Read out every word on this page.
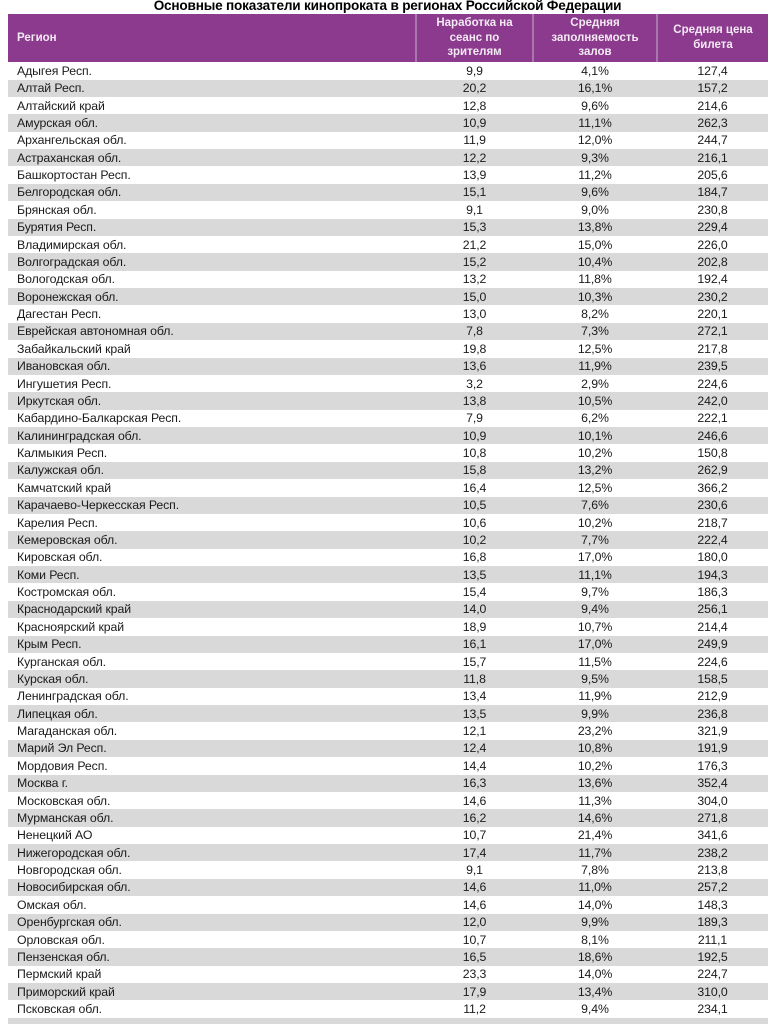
Основные показатели кинопроката в регионах Российской Федерации
Регион	Наработка на сеанс по зрителям	Средняя заполняемость залов	Средняя цена билета
Адыгея Респ.	9,9	4,1%	127,4
Алтай Респ.	20,2	16,1%	157,2
Алтайский край	12,8	9,6%	214,6
Амурская обл.	10,9	11,1%	262,3
Архангельская обл.	11,9	12,0%	244,7
Астраханская обл.	12,2	9,3%	216,1
Башкортостан Респ.	13,9	11,2%	205,6
Белгородская обл.	15,1	9,6%	184,7
Брянская обл.	9,1	9,0%	230,8
Бурятия Респ.	15,3	13,8%	229,4
Владимирская обл.	21,2	15,0%	226,0
Волгоградская обл.	15,2	10,4%	202,8
Вологодская обл.	13,2	11,8%	192,4
Воронежская обл.	15,0	10,3%	230,2
Дагестан Респ.	13,0	8,2%	220,1
Еврейская автономная обл.	7,8	7,3%	272,1
Забайкальский край	19,8	12,5%	217,8
Ивановская обл.	13,6	11,9%	239,5
Ингушетия Респ.	3,2	2,9%	224,6
Иркутская обл.	13,8	10,5%	242,0
Кабардино-Балкарская Респ.	7,9	6,2%	222,1
Калининградская обл.	10,9	10,1%	246,6
Калмыкия Респ.	10,8	10,2%	150,8
Калужская обл.	15,8	13,2%	262,9
Камчатский край	16,4	12,5%	366,2
Карачаево-Черкесская Респ.	10,5	7,6%	230,6
Карелия Респ.	10,6	10,2%	218,7
Кемеровская обл.	10,2	7,7%	222,4
Кировская обл.	16,8	17,0%	180,0
Коми Респ.	13,5	11,1%	194,3
Костромская обл.	15,4	9,7%	186,3
Краснодарский край	14,0	9,4%	256,1
Красноярский край	18,9	10,7%	214,4
Крым Респ.	16,1	17,0%	249,9
Курганская обл.	15,7	11,5%	224,6
Курская обл.	11,8	9,5%	158,5
Ленинградская обл.	13,4	11,9%	212,9
Липецкая обл.	13,5	9,9%	236,8
Магаданская обл.	12,1	23,2%	321,9
Марий Эл Респ.	12,4	10,8%	191,9
Мордовия Респ.	14,4	10,2%	176,3
Москва г.	16,3	13,6%	352,4
Московская обл.	14,6	11,3%	304,0
Мурманская обл.	16,2	14,6%	271,8
Ненецкий АО	10,7	21,4%	341,6
Нижегородская обл.	17,4	11,7%	238,2
Новгородская обл.	9,1	7,8%	213,8
Новосибирская обл.	14,6	11,0%	257,2
Омская обл.	14,6	14,0%	148,3
Оренбургская обл.	12,0	9,9%	189,3
Орловская обл.	10,7	8,1%	211,1
Пензенская обл.	16,5	18,6%	192,5
Пермский край	23,3	14,0%	224,7
Приморский край	17,9	13,4%	310,0
Псковская обл.	11,2	9,4%	234,1
